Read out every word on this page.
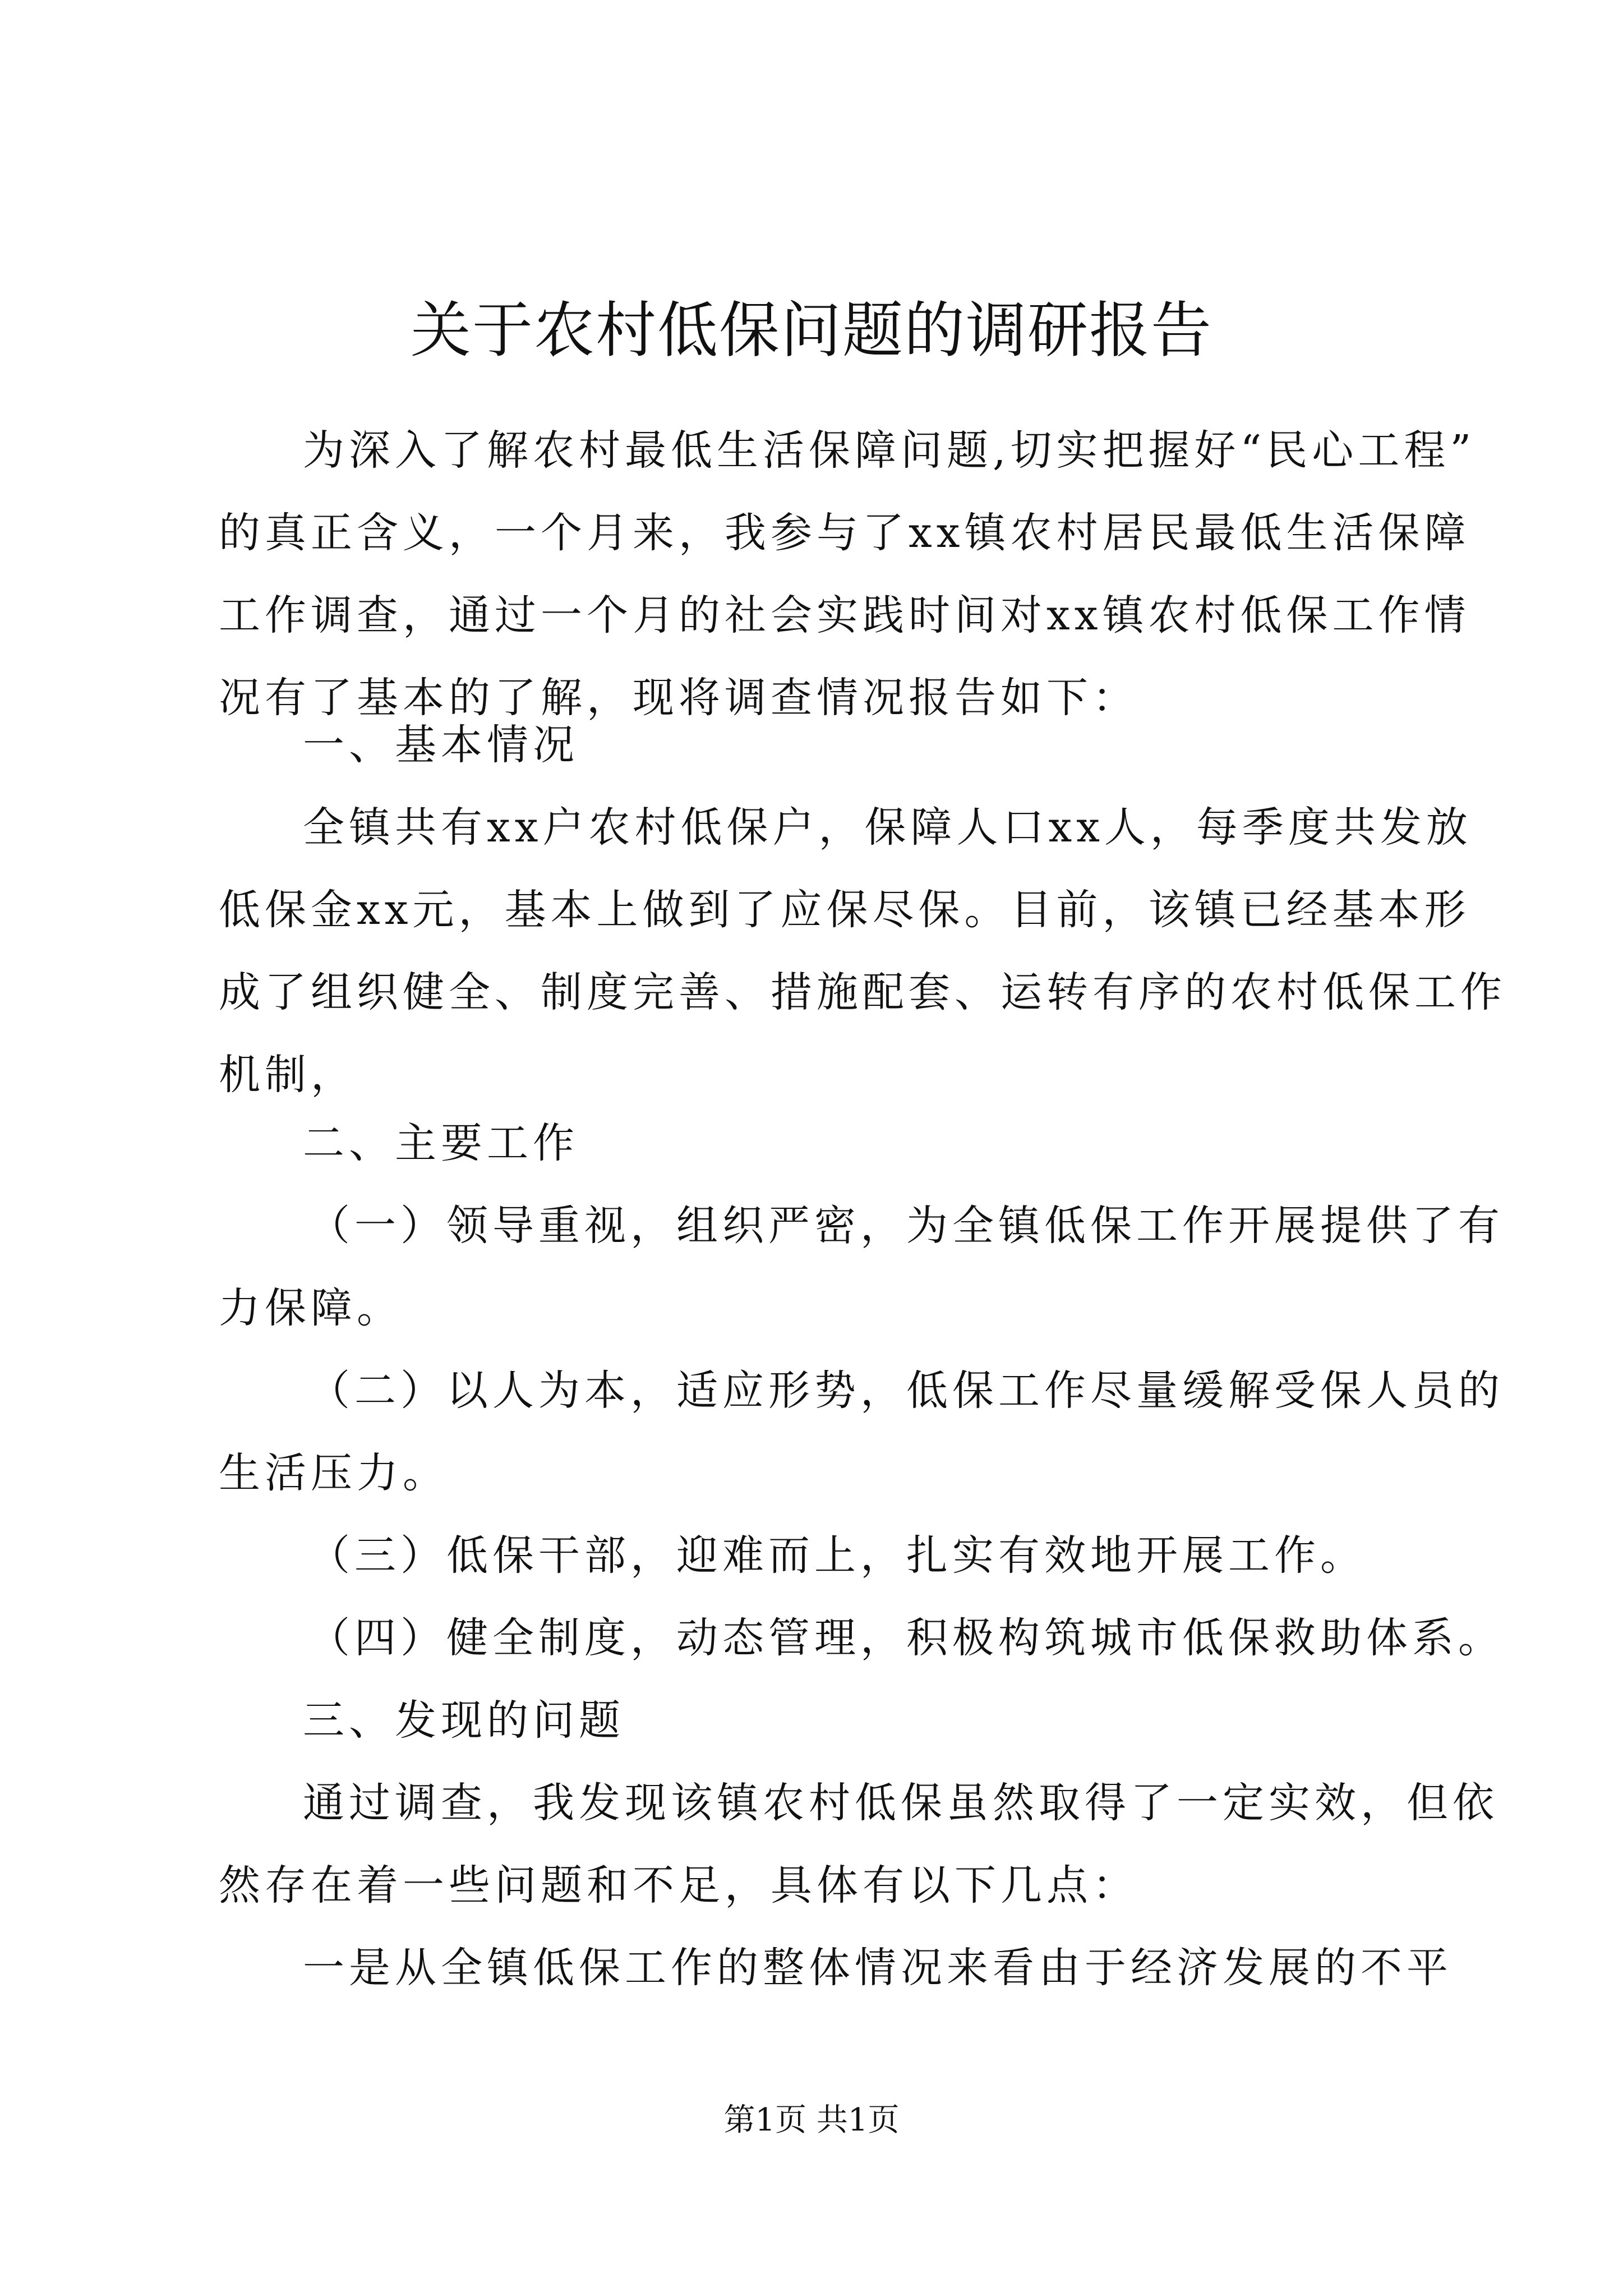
关于农村低保问题的调研报告
为深入了解农村最低生活保障问题,切实把握好“民心工程”
的真正含义，一个月来，我参与了xx镇农村居民最低生活保障
工作调查，通过一个月的社会实践时间对xx镇农村低保工作情
况有了基本的了解，现将调查情况报告如下：
一、基本情况
全镇共有xx户农村低保户，保障人口xx人，每季度共发放
低保金xx元，基本上做到了应保尽保。目前，该镇已经基本形
成了组织健全、制度完善、措施配套、运转有序的农村低保工作
机制，
二、主要工作
（一）领导重视，组织严密，为全镇低保工作开展提供了有
力保障。
（二）以人为本，适应形势，低保工作尽量缓解受保人员的
生活压力。
（三）低保干部，迎难而上，扎实有效地开展工作。
（四）健全制度，动态管理，积极构筑城市低保救助体系。
三、发现的问题
通过调查，我发现该镇农村低保虽然取得了一定实效，但依
然存在着一些问题和不足，具体有以下几点：
一是从全镇低保工作的整体情况来看由于经济发展的不平
第1页 共1页
